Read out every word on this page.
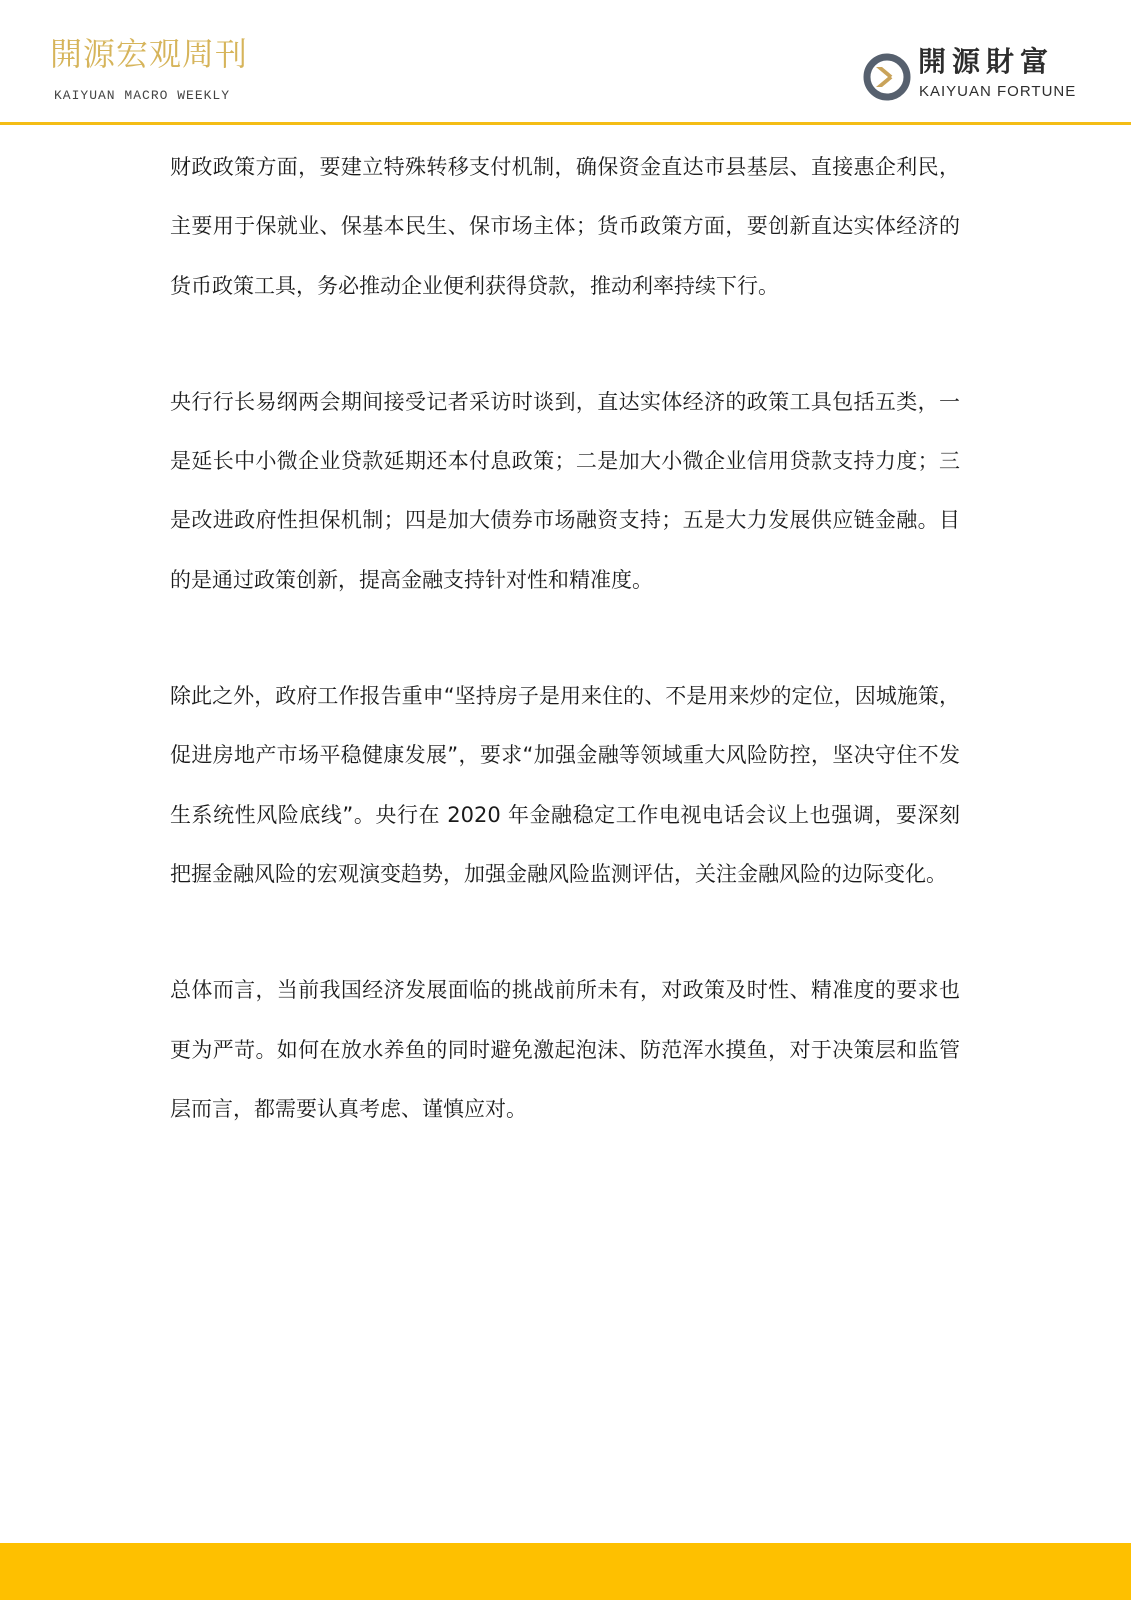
開源宏观周刊
KAIYUAN MACRO WEEKLY
開源財富
KAIYUAN FORTUNE

财政政策方面，要建立特殊转移支付机制，确保资金直达市县基层、直接惠企利民，主要用于保就业、保基本民生、保市场主体；货币政策方面，要创新直达实体经济的货币政策工具，务必推动企业便利获得贷款，推动利率持续下行。

央行行长易纲两会期间接受记者采访时谈到，直达实体经济的政策工具包括五类，一是延长中小微企业贷款延期还本付息政策；二是加大小微企业信用贷款支持力度；三是改进政府性担保机制；四是加大债券市场融资支持；五是大力发展供应链金融。目的是通过政策创新，提高金融支持针对性和精准度。

除此之外，政府工作报告重申“坚持房子是用来住的、不是用来炒的定位，因城施策，促进房地产市场平稳健康发展”，要求“加强金融等领域重大风险防控，坚决守住不发生系统性风险底线”。央行在 2020 年金融稳定工作电视电话会议上也强调，要深刻把握金融风险的宏观演变趋势，加强金融风险监测评估，关注金融风险的边际变化。

总体而言，当前我国经济发展面临的挑战前所未有，对政策及时性、精准度的要求也更为严苛。如何在放水养鱼的同时避免激起泡沫、防范浑水摸鱼，对于决策层和监管层而言，都需要认真考虑、谨慎应对。
